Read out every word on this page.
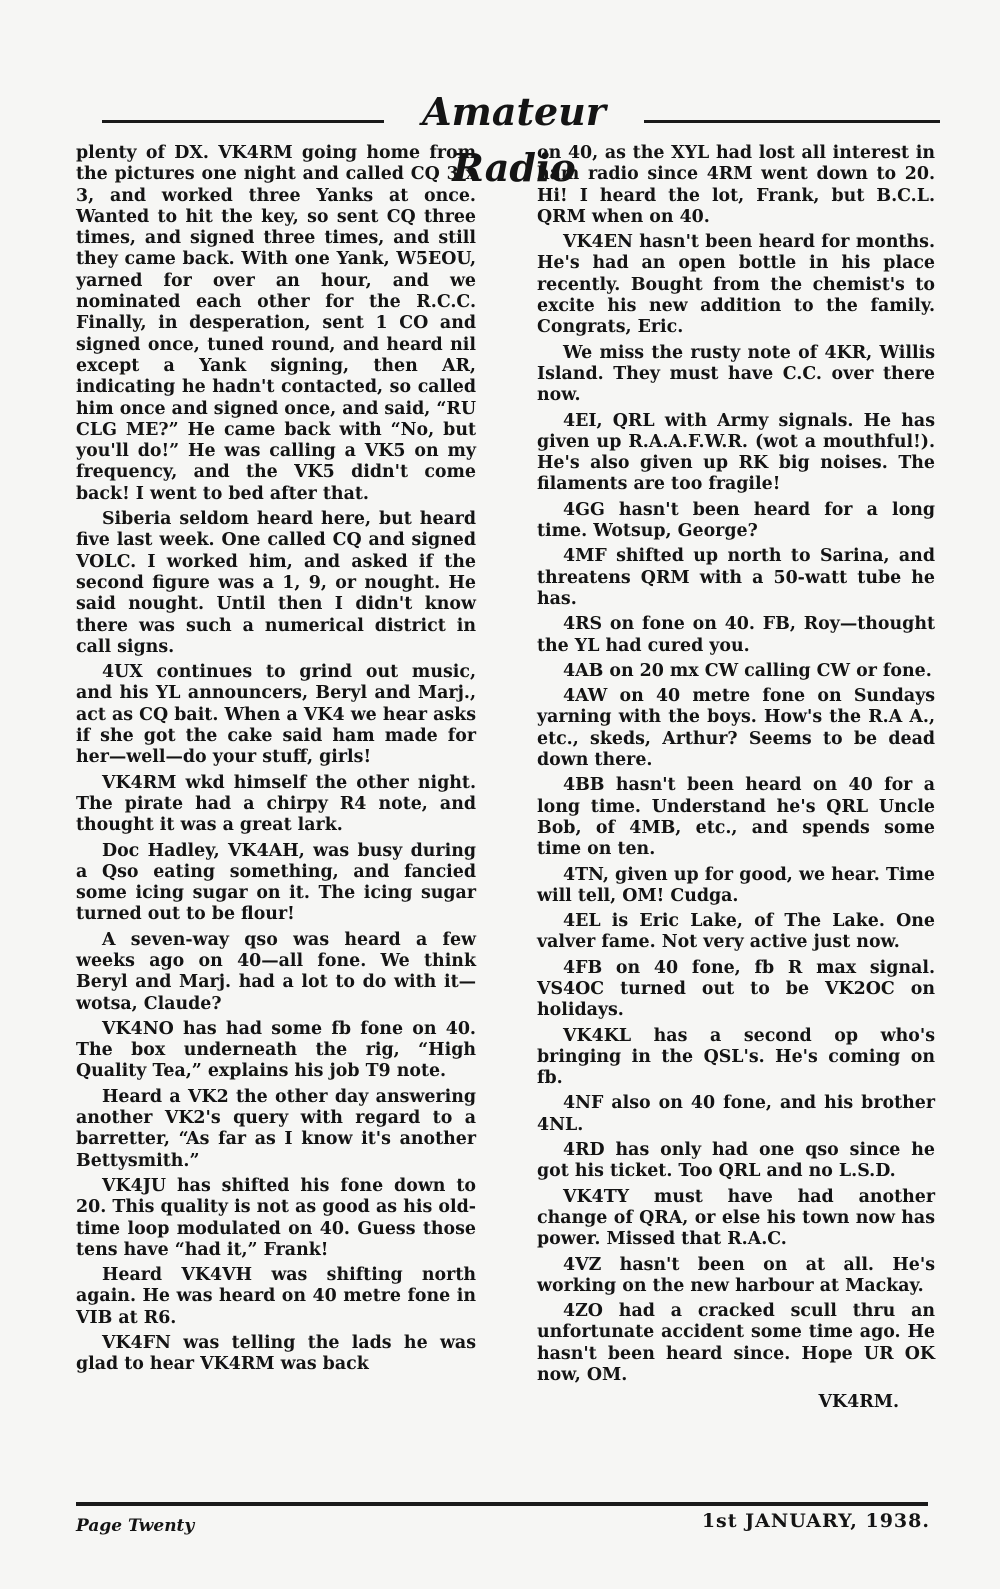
Amateur Radio

plenty of DX. VK4RM going home from the pictures one night and called CQ 3 x 3, and worked three Yanks at once. Wanted to hit the key, so sent CQ three times, and signed three times, and still they came back. With one Yank, W5EOU, yarned for over an hour, and we nominated each other for the R.C.C. Finally, in desperation, sent 1 CO and signed once, tuned round, and heard nil except a Yank signing, then AR, indicating he hadn't contacted, so called him once and signed once, and said, “RU CLG ME?” He came back with “No, but you'll do!” He was calling a VK5 on my frequency, and the VK5 didn't come back! I went to bed after that.

Siberia seldom heard here, but heard five last week. One called CQ and signed VOLC. I worked him, and asked if the second figure was a 1, 9, or nought. He said nought. Until then I didn't know there was such a numerical district in call signs.

4UX continues to grind out music, and his YL announcers, Beryl and Marj., act as CQ bait. When a VK4 we hear asks if she got the cake said ham made for her—well—do your stuff, girls!

VK4RM wkd himself the other night. The pirate had a chirpy R4 note, and thought it was a great lark.

Doc Hadley, VK4AH, was busy during a Qso eating something, and fancied some icing sugar on it. The icing sugar turned out to be flour!

A seven-way qso was heard a few weeks ago on 40—all fone. We think Beryl and Marj. had a lot to do with it—wotsa, Claude?

VK4NO has had some fb fone on 40. The box underneath the rig, “High Quality Tea,” explains his job T9 note.

Heard a VK2 the other day answering another VK2's query with regard to a barretter, “As far as I know it's another Bettysmith.”

VK4JU has shifted his fone down to 20. This quality is not as good as his old-time loop modulated on 40. Guess those tens have “had it,” Frank!

Heard VK4VH was shifting north again. He was heard on 40 metre fone in VIB at R6.

VK4FN was telling the lads he was glad to hear VK4RM was back

on 40, as the XYL had lost all interest in ham radio since 4RM went down to 20. Hi! I heard the lot, Frank, but B.C.L. QRM when on 40.

VK4EN hasn't been heard for months. He's had an open bottle in his place recently. Bought from the chemist's to excite his new addition to the family. Congrats, Eric.

We miss the rusty note of 4KR, Willis Island. They must have C.C. over there now.

4EI, QRL with Army signals. He has given up R.A.A.F.W.R. (wot a mouthful!). He's also given up RK big noises. The filaments are too fragile!

4GG hasn't been heard for a long time. Wotsup, George?

4MF shifted up north to Sarina, and threatens QRM with a 50-watt tube he has.

4RS on fone on 40. FB, Roy—thought the YL had cured you.

4AB on 20 mx CW calling CW or fone.

4AW on 40 metre fone on Sundays yarning with the boys. How's the R.A A., etc., skeds, Arthur? Seems to be dead down there.

4BB hasn't been heard on 40 for a long time. Understand he's QRL Uncle Bob, of 4MB, etc., and spends some time on ten.

4TN, given up for good, we hear. Time will tell, OM! Cudga.

4EL is Eric Lake, of The Lake. One valver fame. Not very active just now.

4FB on 40 fone, fb R max signal. VS4OC turned out to be VK2OC on holidays.

VK4KL has a second op who's bringing in the QSL's. He's coming on fb.

4NF also on 40 fone, and his brother 4NL.

4RD has only had one qso since he got his ticket. Too QRL and no L.S.D.

VK4TY must have had another change of QRA, or else his town now has power. Missed that R.A.C.

4VZ hasn't been on at all. He's working on the new harbour at Mackay.

4ZO had a cracked scull thru an unfortunate accident some time ago. He hasn't been heard since. Hope UR OK now, OM.

VK4RM.

Page Twenty	1st JANUARY, 1938.
